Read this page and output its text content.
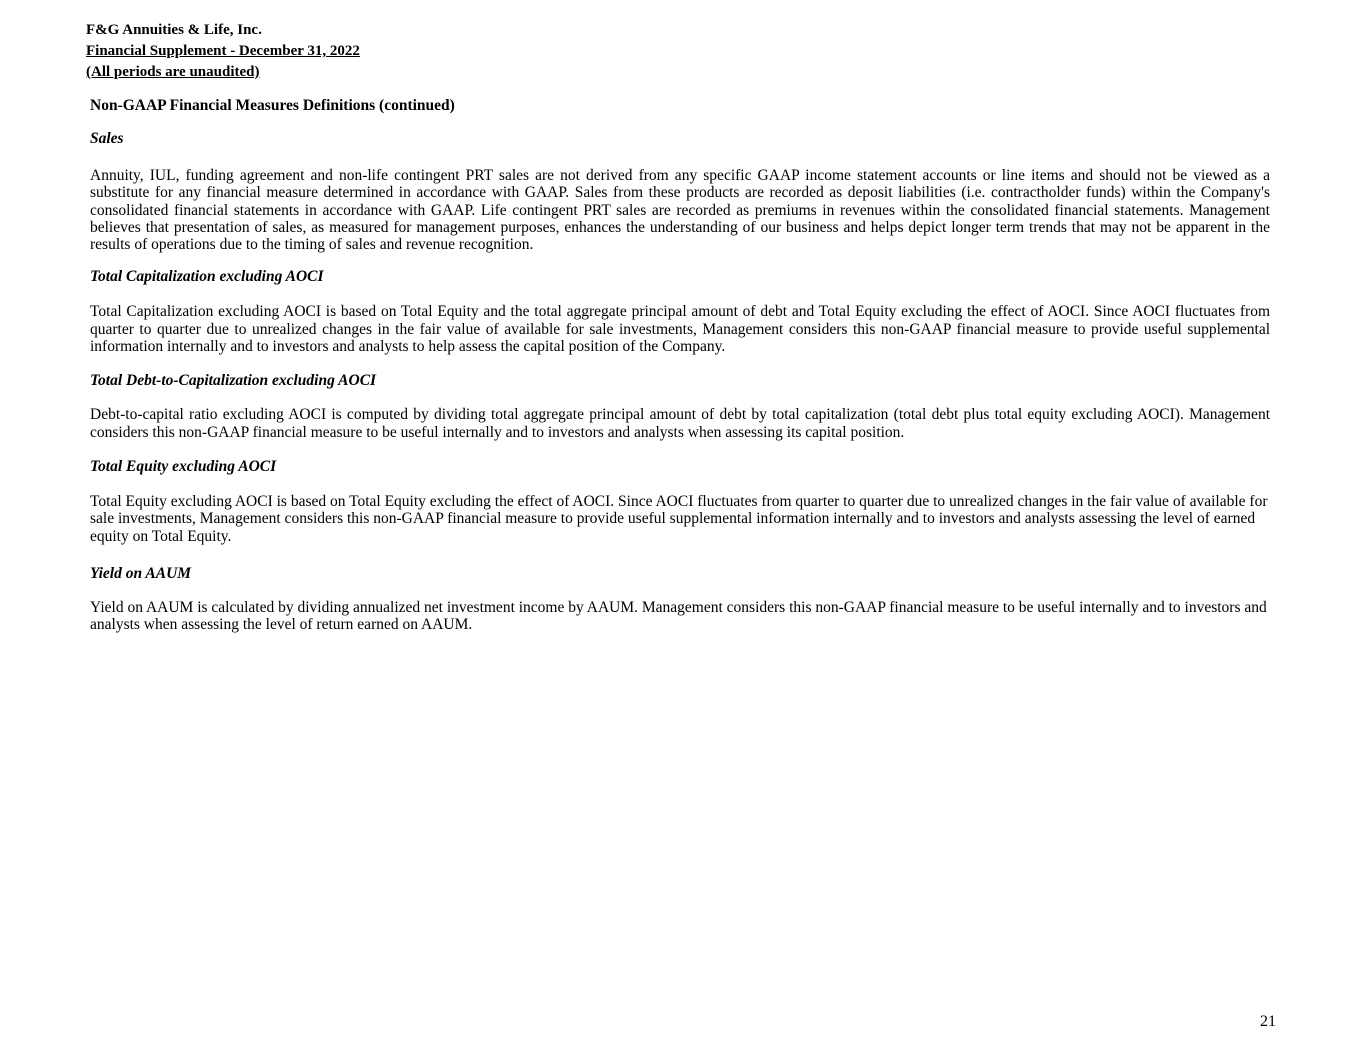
F&G Annuities & Life, Inc.
Financial Supplement - December 31, 2022
(All periods are unaudited)

Non-GAAP Financial Measures Definitions (continued)

Sales

Annuity, IUL, funding agreement and non-life contingent PRT sales are not derived from any specific GAAP income statement accounts or line items and should not be viewed as a substitute for any financial measure determined in accordance with GAAP. Sales from these products are recorded as deposit liabilities (i.e. contractholder funds) within the Company's consolidated financial statements in accordance with GAAP. Life contingent PRT sales are recorded as premiums in revenues within the consolidated financial statements. Management believes that presentation of sales, as measured for management purposes, enhances the understanding of our business and helps depict longer term trends that may not be apparent in the results of operations due to the timing of sales and revenue recognition.

Total Capitalization excluding AOCI

Total Capitalization excluding AOCI is based on Total Equity and the total aggregate principal amount of debt and Total Equity excluding the effect of AOCI. Since AOCI fluctuates from quarter to quarter due to unrealized changes in the fair value of available for sale investments, Management considers this non-GAAP financial measure to provide useful supplemental information internally and to investors and analysts to help assess the capital position of the Company.

Total Debt-to-Capitalization excluding AOCI

Debt-to-capital ratio excluding AOCI is computed by dividing total aggregate principal amount of debt by total capitalization (total debt plus total equity excluding AOCI). Management considers this non-GAAP financial measure to be useful internally and to investors and analysts when assessing its capital position.

Total Equity excluding AOCI

Total Equity excluding AOCI is based on Total Equity excluding the effect of AOCI. Since AOCI fluctuates from quarter to quarter due to unrealized changes in the fair value of available for sale investments, Management considers this non-GAAP financial measure to provide useful supplemental information internally and to investors and analysts assessing the level of earned equity on Total Equity.

Yield on AAUM

Yield on AAUM is calculated by dividing annualized net investment income by AAUM. Management considers this non-GAAP financial measure to be useful internally and to investors and analysts when assessing the level of return earned on AAUM.

21
